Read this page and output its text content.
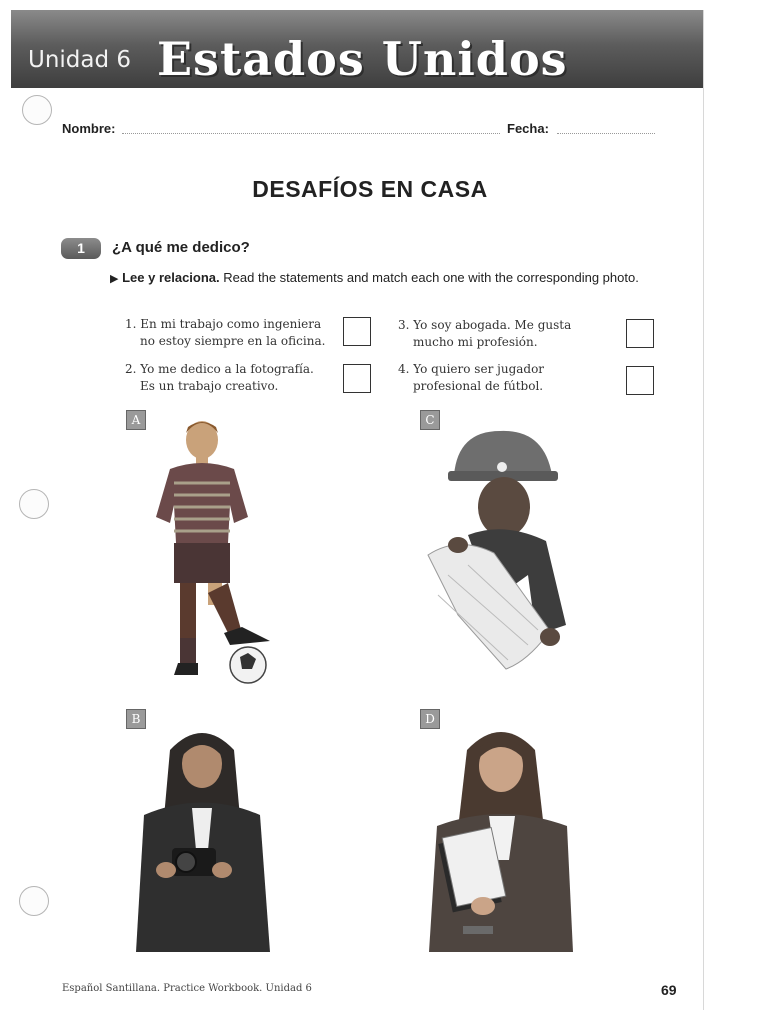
Unidad 6 Estados Unidos
Nombre:	Fecha:
DESAFÍOS EN CASA
1	¿A qué me dedico?
▶ Lee y relaciona. Read the statements and match each one with the corresponding photo.
1. En mi trabajo como ingeniera
no estoy siempre en la oficina.
2. Yo me dedico a la fotografía.
Es un trabajo creativo.
3. Yo soy abogada. Me gusta
mucho mi profesión.
4. Yo quiero ser jugador
profesional de fútbol.
A
B
C
D
Español Santillana. Practice Workbook. Unidad 6	69
